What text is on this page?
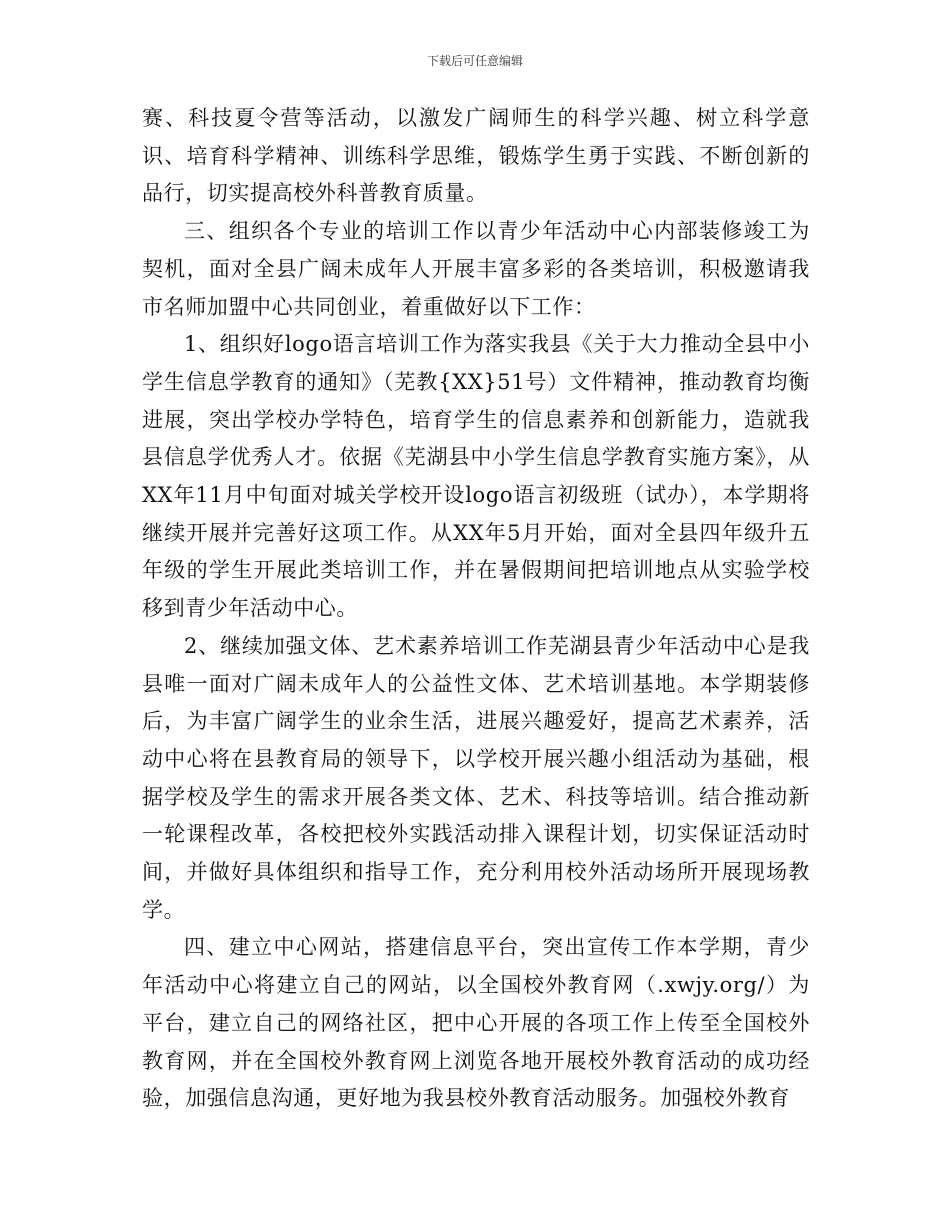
下载后可任意编辑

赛、科技夏令营等活动，以激发广阔师生的科学兴趣、树立科学意识、培育科学精神、训练科学思维，锻炼学生勇于实践、不断创新的品行，切实提高校外科普教育质量。

三、组织各个专业的培训工作以青少年活动中心内部装修竣工为契机，面对全县广阔未成年人开展丰富多彩的各类培训，积极邀请我市名师加盟中心共同创业，着重做好以下工作：

1、组织好logo语言培训工作为落实我县《关于大力推动全县中小学生信息学教育的通知》（芜教{XX}51号）文件精神，推动教育均衡进展，突出学校办学特色，培育学生的信息素养和创新能力，造就我县信息学优秀人才。依据《芜湖县中小学生信息学教育实施方案》，从XX年11月中旬面对城关学校开设logo语言初级班（试办），本学期将继续开展并完善好这项工作。从XX年5月开始，面对全县四年级升五年级的学生开展此类培训工作，并在暑假期间把培训地点从实验学校移到青少年活动中心。

2、继续加强文体、艺术素养培训工作芜湖县青少年活动中心是我县唯一面对广阔未成年人的公益性文体、艺术培训基地。本学期装修后，为丰富广阔学生的业余生活，进展兴趣爱好，提高艺术素养，活动中心将在县教育局的领导下，以学校开展兴趣小组活动为基础，根据学校及学生的需求开展各类文体、艺术、科技等培训。结合推动新一轮课程改革，各校把校外实践活动排入课程计划，切实保证活动时间，并做好具体组织和指导工作，充分利用校外活动场所开展现场教学。

四、建立中心网站，搭建信息平台，突出宣传工作本学期，青少年活动中心将建立自己的网站，以全国校外教育网（.xwjy.org/）为平台，建立自己的网络社区，把中心开展的各项工作上传至全国校外教育网，并在全国校外教育网上浏览各地开展校外教育活动的成功经验，加强信息沟通，更好地为我县校外教育活动服务。加强校外教育
